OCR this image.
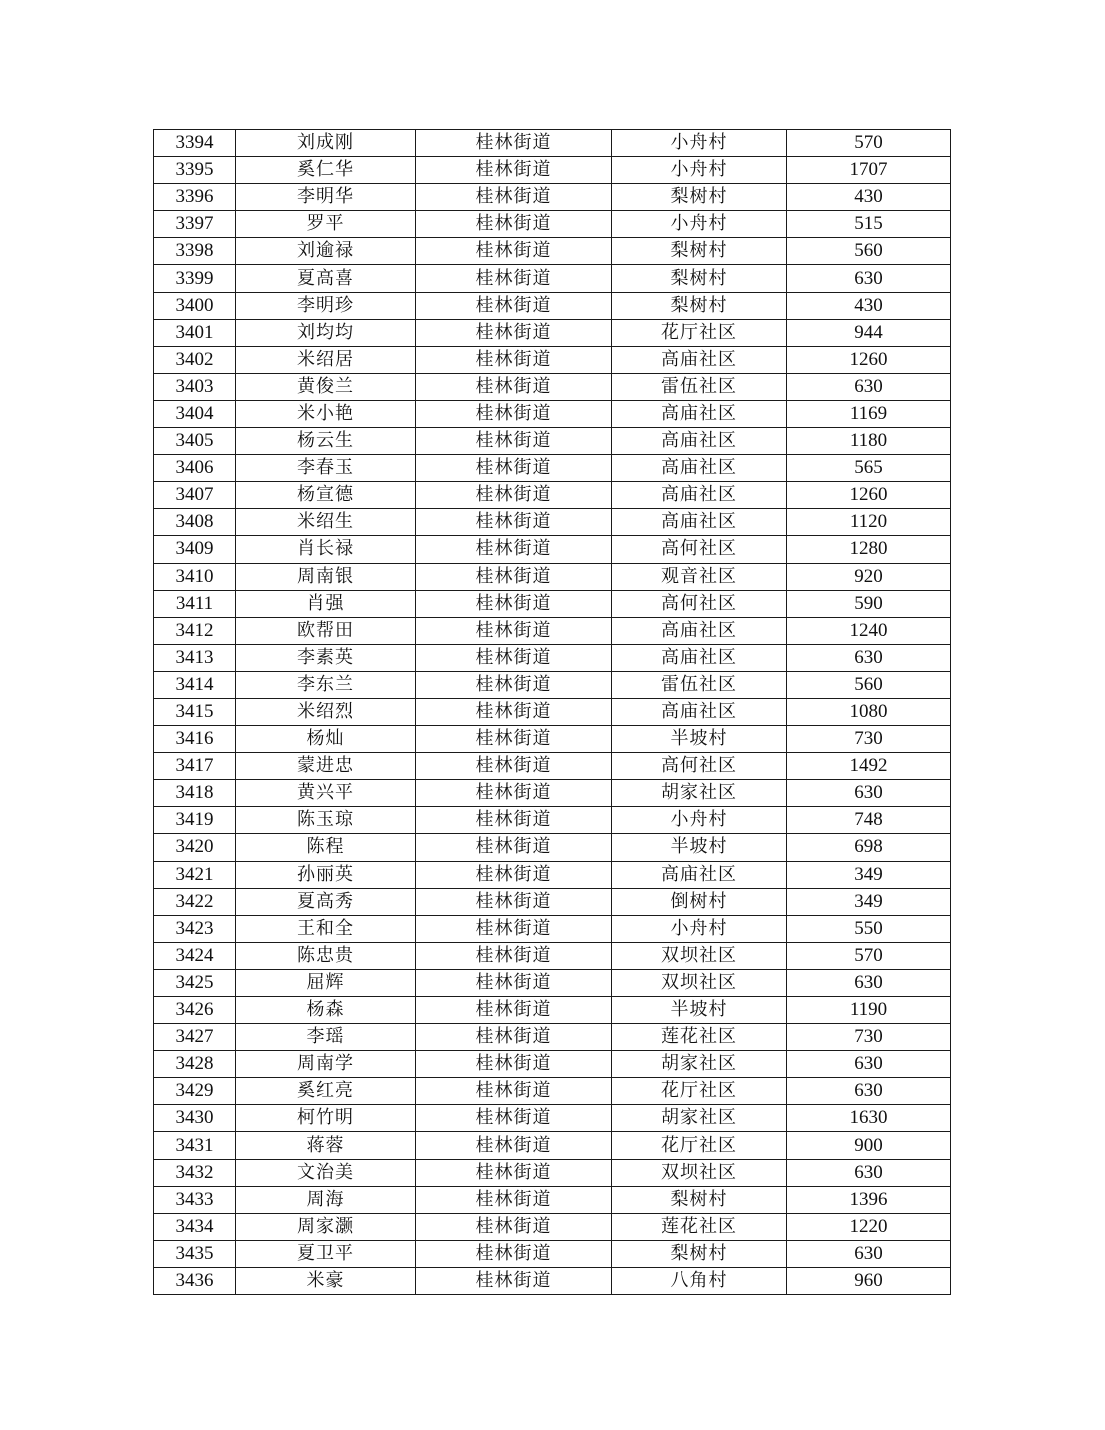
3394	刘成刚	桂林街道	小舟村	570
3395	奚仁华	桂林街道	小舟村	1707
3396	李明华	桂林街道	梨树村	430
3397	罗平	桂林街道	小舟村	515
3398	刘逾禄	桂林街道	梨树村	560
3399	夏高喜	桂林街道	梨树村	630
3400	李明珍	桂林街道	梨树村	430
3401	刘均均	桂林街道	花厅社区	944
3402	米绍居	桂林街道	高庙社区	1260
3403	黄俊兰	桂林街道	雷伍社区	630
3404	米小艳	桂林街道	高庙社区	1169
3405	杨云生	桂林街道	高庙社区	1180
3406	李春玉	桂林街道	高庙社区	565
3407	杨宣德	桂林街道	高庙社区	1260
3408	米绍生	桂林街道	高庙社区	1120
3409	肖长禄	桂林街道	高何社区	1280
3410	周南银	桂林街道	观音社区	920
3411	肖强	桂林街道	高何社区	590
3412	欧帮田	桂林街道	高庙社区	1240
3413	李素英	桂林街道	高庙社区	630
3414	李东兰	桂林街道	雷伍社区	560
3415	米绍烈	桂林街道	高庙社区	1080
3416	杨灿	桂林街道	半坡村	730
3417	蒙进忠	桂林街道	高何社区	1492
3418	黄兴平	桂林街道	胡家社区	630
3419	陈玉琼	桂林街道	小舟村	748
3420	陈程	桂林街道	半坡村	698
3421	孙丽英	桂林街道	高庙社区	349
3422	夏高秀	桂林街道	倒树村	349
3423	王和全	桂林街道	小舟村	550
3424	陈忠贵	桂林街道	双坝社区	570
3425	屈辉	桂林街道	双坝社区	630
3426	杨森	桂林街道	半坡村	1190
3427	李瑶	桂林街道	莲花社区	730
3428	周南学	桂林街道	胡家社区	630
3429	奚红亮	桂林街道	花厅社区	630
3430	柯竹明	桂林街道	胡家社区	1630
3431	蒋蓉	桂林街道	花厅社区	900
3432	文治美	桂林街道	双坝社区	630
3433	周海	桂林街道	梨树村	1396
3434	周家灏	桂林街道	莲花社区	1220
3435	夏卫平	桂林街道	梨树村	630
3436	米豪	桂林街道	八角村	960
